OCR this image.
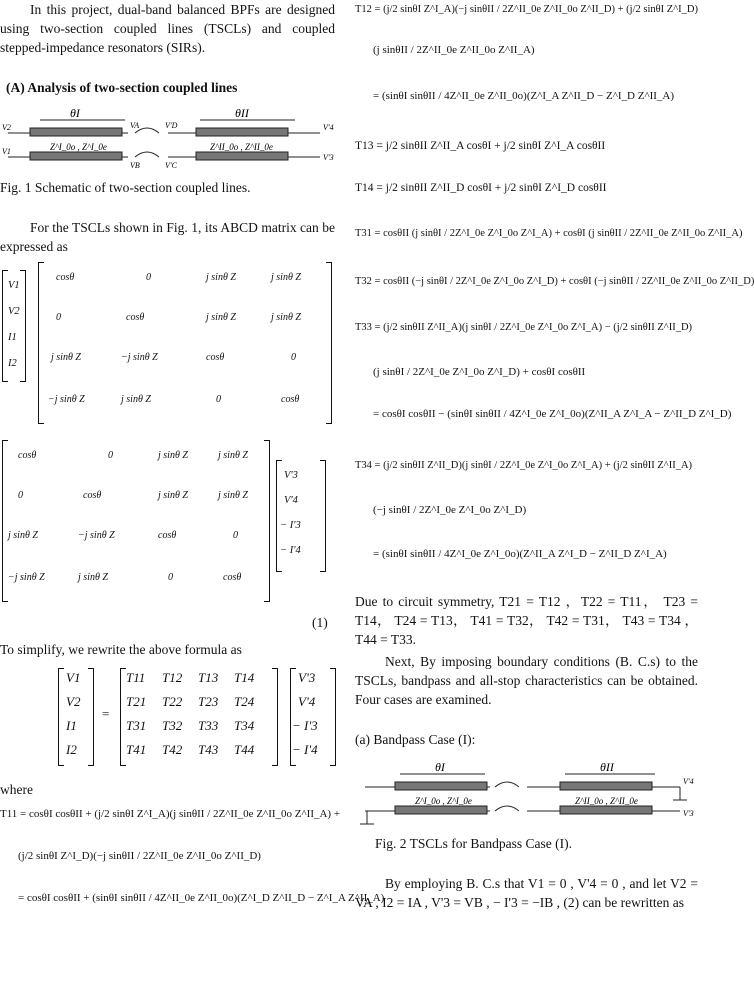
In this project, dual-band balanced BPFs are designed using two-section coupled lines (TSCLs) and coupled stepped-impedance resonators (SIRs).
(A) Analysis of two-section coupled lines
θI	θII
V2
V1
VA
VB
V'D
V'C
V'4
V'3
Z^I_0o , Z^I_0e	Z^II_0o , Z^II_0e
Fig. 1 Schematic of two-section coupled lines.
For the TSCLs shown in Fig. 1, its ABCD matrix can be expressed as
V1
V2
I1
I2
cosθ	0	j sinθ Z	j sinθ Z
0	cosθ	j sinθ Z	j sinθ Z
j sinθ Z	−j sinθ Z	cosθ	0
−j sinθ Z	j sinθ Z	0	cosθ
cosθ	0	j sinθ Z	j sinθ Z
0	cosθ	j sinθ Z	j sinθ Z
j sinθ Z	−j sinθ Z	cosθ	0
−j sinθ Z	j sinθ Z	0	cosθ
V'3
V'4
− I'3
− I'4
(1)
To simplify, we rewrite the above formula as
V1
V2
I1
I2
=
T11 T12 T13 T14
T21 T22 T23 T24
T31 T32 T33 T34
T41 T42 T43 T44
V'3
V'4
− I'3
− I'4
where
T11 = cosθI cosθII + (j/2 sinθI Z^I_A)(j sinθII / 2Z^II_0e Z^II_0o Z^II_A) +
(j/2 sinθI Z^I_D)(−j sinθII / 2Z^II_0e Z^II_0o Z^II_D)
= cosθI cosθII + (sinθI sinθII / 4Z^II_0e Z^II_0o)(Z^I_D Z^II_D − Z^I_A Z^II_A)
T12 = (j/2 sinθI Z^I_A)(−j sinθII / 2Z^II_0e Z^II_0o Z^II_D) + (j/2 sinθI Z^I_D)
(j sinθII / 2Z^II_0e Z^II_0o Z^II_A)
= (sinθI sinθII / 4Z^II_0e Z^II_0o)(Z^I_A Z^II_D − Z^I_D Z^II_A)
T13 = j/2 sinθII Z^II_A cosθI + j/2 sinθI Z^I_A cosθII
T14 = j/2 sinθII Z^II_D cosθI + j/2 sinθI Z^I_D cosθII
T31 = cosθII (j sinθI / 2Z^I_0e Z^I_0o Z^I_A) + cosθI (j sinθII / 2Z^II_0e Z^II_0o Z^II_A)
T32 = cosθII (−j sinθI / 2Z^I_0e Z^I_0o Z^I_D) + cosθI (−j sinθII / 2Z^II_0e Z^II_0o Z^II_D)
T33 = (j/2 sinθII Z^II_A)(j sinθI / 2Z^I_0e Z^I_0o Z^I_A) − (j/2 sinθII Z^II_D)
(j sinθI / 2Z^I_0e Z^I_0o Z^I_D) + cosθI cosθII
= cosθI cosθII − (sinθI sinθII / 4Z^I_0e Z^I_0o)(Z^II_A Z^I_A − Z^II_D Z^I_D)
T34 = (j/2 sinθII Z^II_D)(j sinθI / 2Z^I_0e Z^I_0o Z^I_A) + (j/2 sinθII Z^II_A)
(−j sinθI / 2Z^I_0e Z^I_0o Z^I_D)
= (sinθI sinθII / 4Z^I_0e Z^I_0o)(Z^II_A Z^I_D − Z^II_D Z^I_A)
Due to circuit symmetry, T21 = T12 ，T22 = T11， T23 = T14， T24 = T13， T41 = T32， T42 = T31， T43 = T34 ，T44 = T33.
Next, By imposing boundary conditions (B. C.s) to the TSCLs, bandpass and all-stop characteristics can be obtained. Four cases are examined.
(a) Bandpass Case (I):
θI	θII
Z^I_0o , Z^I_0e	Z^II_0o , Z^II_0e
V'4
V'3
Fig. 2 TSCLs for Bandpass Case (I).
By employing B. C.s that V1 = 0 , V'4 = 0 , and let V2 = VA , I2 = IA , V'3 = VB , − I'3 = −IB , (2) can be rewritten as
